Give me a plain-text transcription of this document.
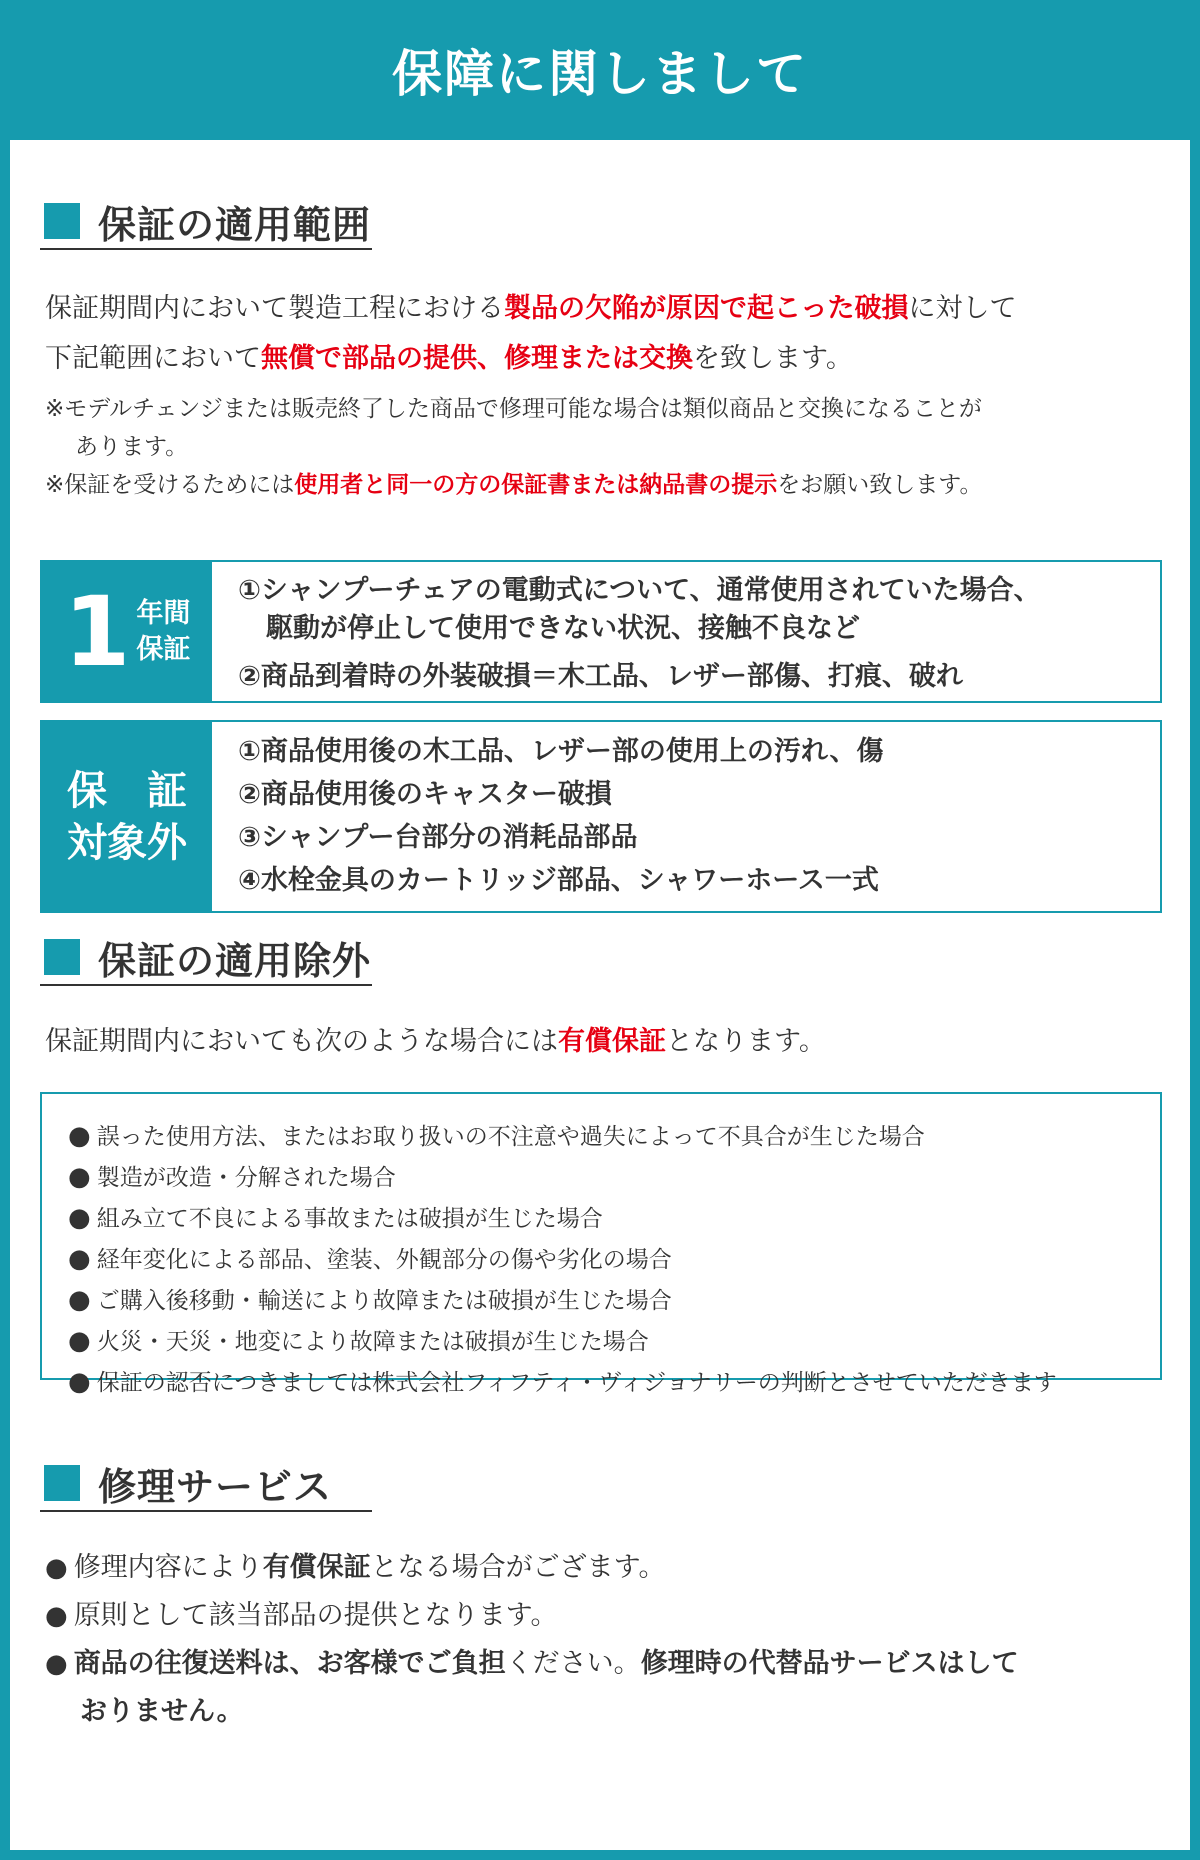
保障に関しまして
保証の適用範囲
保証期間内において製造工程における製品の欠陥が原因で起こった破損に対して
下記範囲において無償で部品の提供、修理または交換を致します。
※モデルチェンジまたは販売終了した商品で修理可能な場合は類似商品と交換になることが
あります。
※保証を受けるためには使用者と同一の方の保証書または納品書の提示をお願い致します。
1 年間
保証
①シャンプーチェアの電動式について、通常使用されていた場合、
駆動が停止して使用できない状況、接触不良など
②商品到着時の外装破損＝木工品、レザー部傷、打痕、破れ
保　証
対象外
①商品使用後の木工品、レザー部の使用上の汚れ、傷
②商品使用後のキャスター破損
③シャンプー台部分の消耗品部品
④水栓金具のカートリッジ部品、シャワーホース一式
保証の適用除外
保証期間内においても次のような場合には有償保証となります。
● 誤った使用方法、またはお取り扱いの不注意や過失によって不具合が生じた場合
● 製造が改造・分解された場合
● 組み立て不良による事故または破損が生じた場合
● 経年変化による部品、塗装、外観部分の傷や劣化の場合
● ご購入後移動・輸送により故障または破損が生じた場合
● 火災・天災・地変により故障または破損が生じた場合
● 保証の認否につきましては株式会社フィフティ・ヴィジョナリーの判断とさせていただきます
修理サービス
● 修理内容により有償保証となる場合がござます。
● 原則として該当部品の提供となります。
● 商品の往復送料は、お客様でご負担ください。修理時の代替品サービスはして
おりません。
